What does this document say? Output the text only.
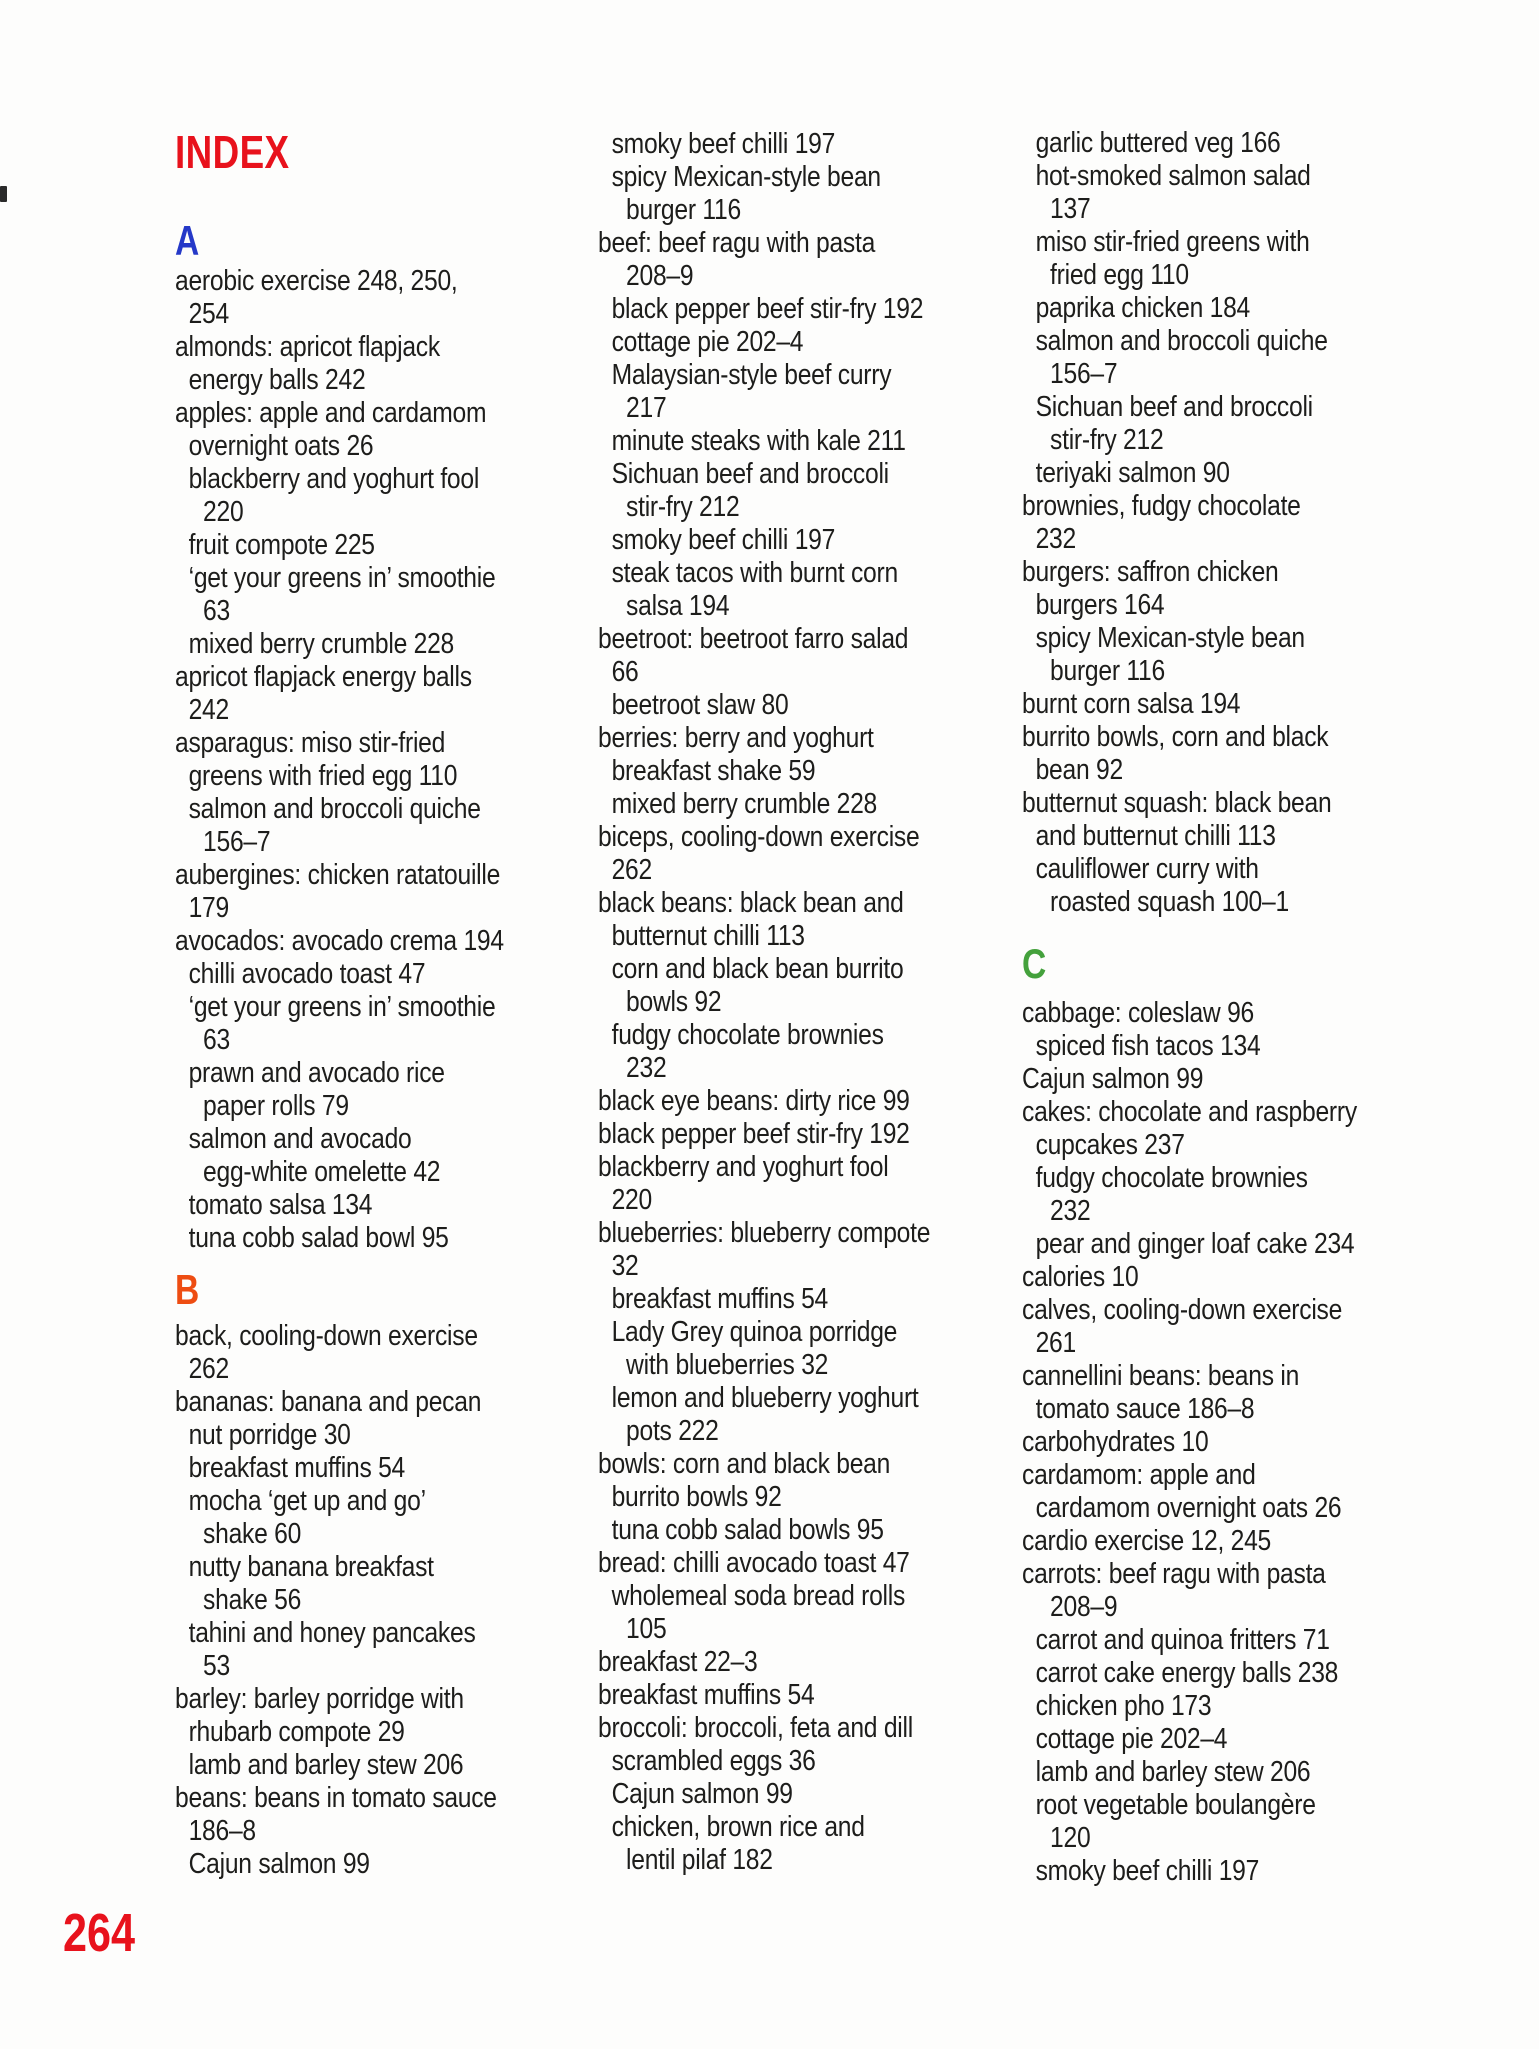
INDEX
A
aerobic exercise 248, 250,
254
almonds: apricot flapjack
energy balls 242
apples: apple and cardamom
overnight oats 26
blackberry and yoghurt fool
220
fruit compote 225
‘get your greens in’ smoothie
63
mixed berry crumble 228
apricot flapjack energy balls
242
asparagus: miso stir-fried
greens with fried egg 110
salmon and broccoli quiche
156–7
aubergines: chicken ratatouille
179
avocados: avocado crema 194
chilli avocado toast 47
‘get your greens in’ smoothie
63
prawn and avocado rice
paper rolls 79
salmon and avocado
egg-white omelette 42
tomato salsa 134
tuna cobb salad bowl 95
B
back, cooling-down exercise
262
bananas: banana and pecan
nut porridge 30
breakfast muffins 54
mocha ‘get up and go’
shake 60
nutty banana breakfast
shake 56
tahini and honey pancakes
53
barley: barley porridge with
rhubarb compote 29
lamb and barley stew 206
beans: beans in tomato sauce
186–8
Cajun salmon 99
smoky beef chilli 197
spicy Mexican-style bean
burger 116
beef: beef ragu with pasta
208–9
black pepper beef stir-fry 192
cottage pie 202–4
Malaysian-style beef curry
217
minute steaks with kale 211
Sichuan beef and broccoli
stir-fry 212
smoky beef chilli 197
steak tacos with burnt corn
salsa 194
beetroot: beetroot farro salad
66
beetroot slaw 80
berries: berry and yoghurt
breakfast shake 59
mixed berry crumble 228
biceps, cooling-down exercise
262
black beans: black bean and
butternut chilli 113
corn and black bean burrito
bowls 92
fudgy chocolate brownies
232
black eye beans: dirty rice 99
black pepper beef stir-fry 192
blackberry and yoghurt fool
220
blueberries: blueberry compote
32
breakfast muffins 54
Lady Grey quinoa porridge
with blueberries 32
lemon and blueberry yoghurt
pots 222
bowls: corn and black bean
burrito bowls 92
tuna cobb salad bowls 95
bread: chilli avocado toast 47
wholemeal soda bread rolls
105
breakfast 22–3
breakfast muffins 54
broccoli: broccoli, feta and dill
scrambled eggs 36
Cajun salmon 99
chicken, brown rice and
lentil pilaf 182
garlic buttered veg 166
hot-smoked salmon salad
137
miso stir-fried greens with
fried egg 110
paprika chicken 184
salmon and broccoli quiche
156–7
Sichuan beef and broccoli
stir-fry 212
teriyaki salmon 90
brownies, fudgy chocolate
232
burgers: saffron chicken
burgers 164
spicy Mexican-style bean
burger 116
burnt corn salsa 194
burrito bowls, corn and black
bean 92
butternut squash: black bean
and butternut chilli 113
cauliflower curry with
roasted squash 100–1
C
cabbage: coleslaw 96
spiced fish tacos 134
Cajun salmon 99
cakes: chocolate and raspberry
cupcakes 237
fudgy chocolate brownies
232
pear and ginger loaf cake 234
calories 10
calves, cooling-down exercise
261
cannellini beans: beans in
tomato sauce 186–8
carbohydrates 10
cardamom: apple and
cardamom overnight oats 26
cardio exercise 12, 245
carrots: beef ragu with pasta
208–9
carrot and quinoa fritters 71
carrot cake energy balls 238
chicken pho 173
cottage pie 202–4
lamb and barley stew 206
root vegetable boulangère
120
smoky beef chilli 197
264
